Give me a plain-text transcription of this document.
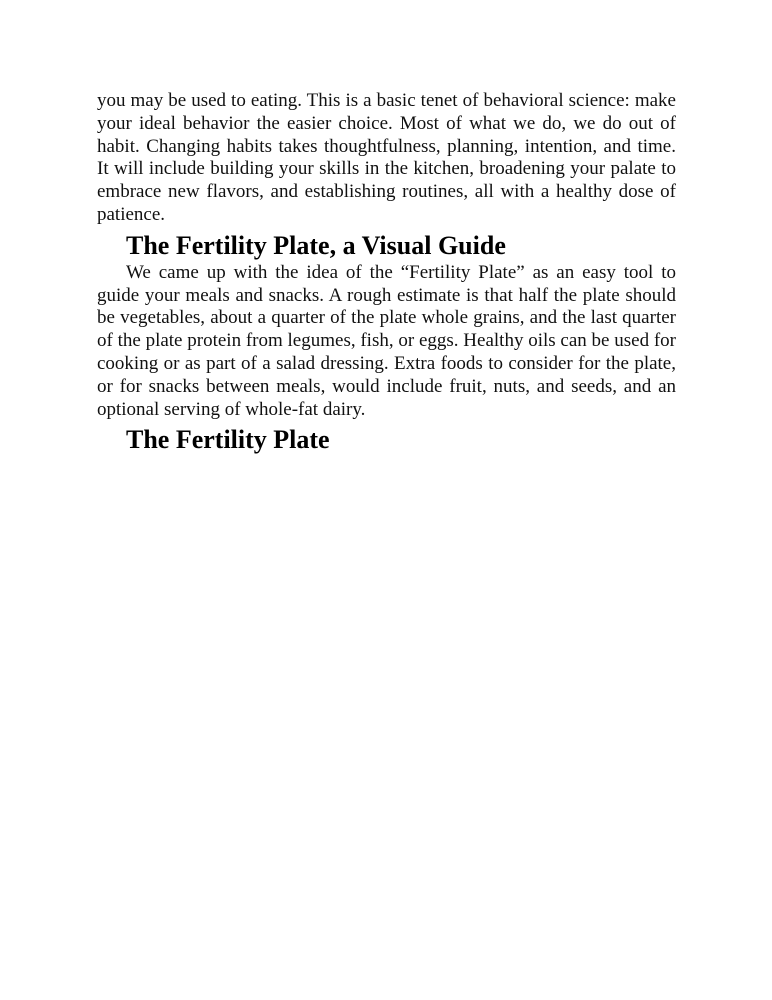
you may be used to eating. This is a basic tenet of behavioral science: make your ideal behavior the easier choice. Most of what we do, we do out of habit. Changing habits takes thoughtfulness, planning, intention, and time. It will include building your skills in the kitchen, broadening your palate to embrace new flavors, and establishing routines, all with a healthy dose of patience.

The Fertility Plate, a Visual Guide

We came up with the idea of the “Fertility Plate” as an easy tool to guide your meals and snacks. A rough estimate is that half the plate should be vegetables, about a quarter of the plate whole grains, and the last quarter of the plate protein from legumes, fish, or eggs. Healthy oils can be used for cooking or as part of a salad dressing. Extra foods to consider for the plate, or for snacks between meals, would include fruit, nuts, and seeds, and an optional serving of whole-fat dairy.

The Fertility Plate
